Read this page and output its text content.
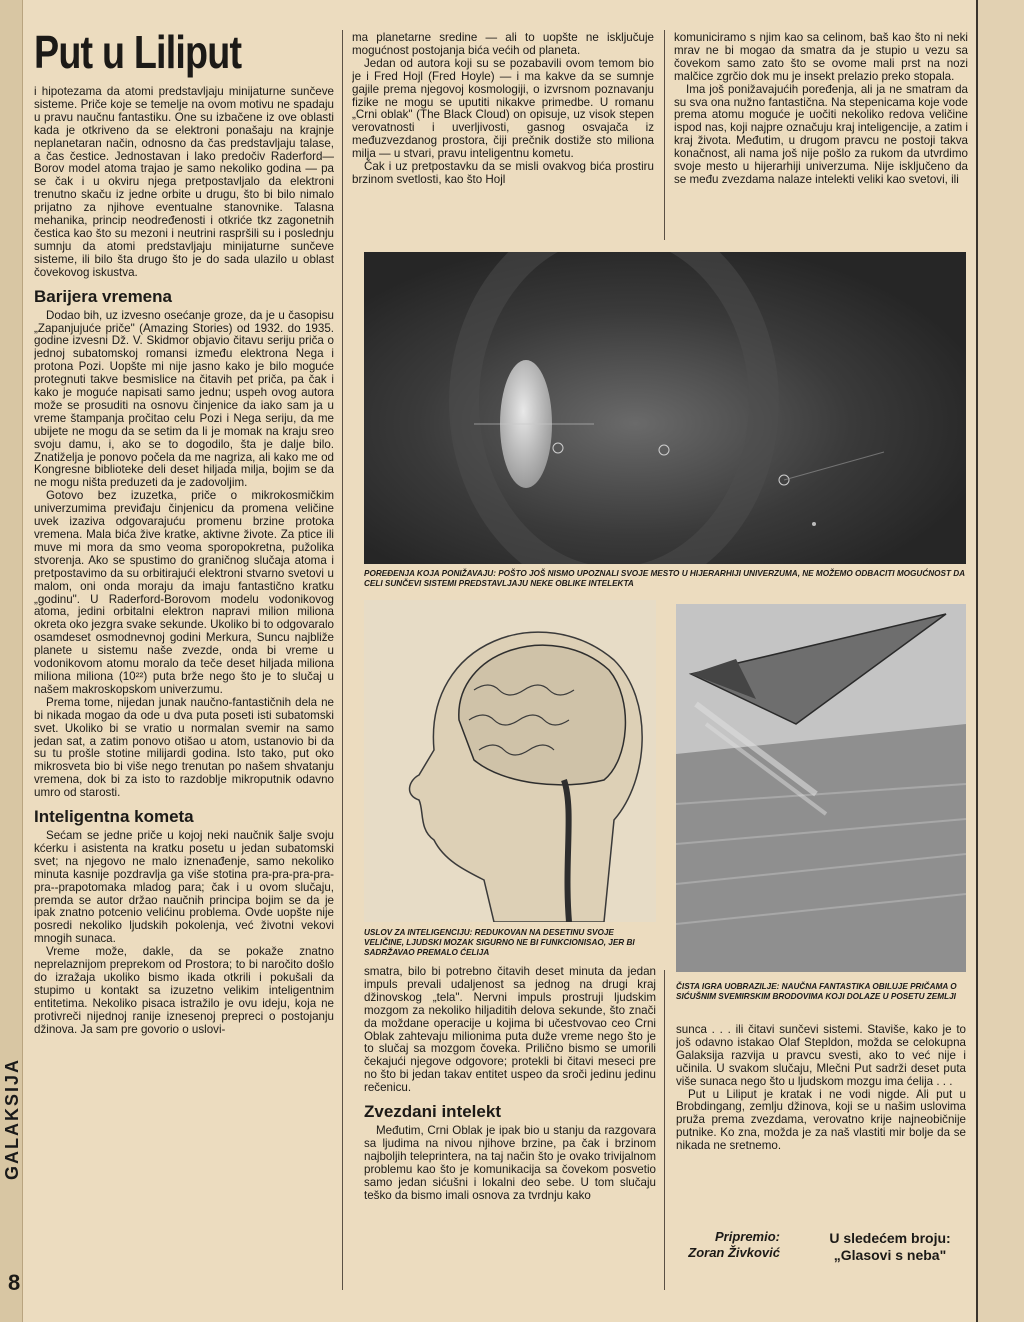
GALAKSIJA
8
Put u Liliput

i hipotezama da atomi predstavljaju minijaturne sunčeve sisteme. Priče koje se temelje na ovom motivu ne spadaju u pravu naučnu fantastiku. One su izbačene iz ove oblasti kada je otkriveno da se elektroni ponašaju na krajnje neplanetaran način, odnosno da čas predstavljaju talase, a čas čestice. Jednostavan i lako predočiv Raderford—Borov model atoma trajao je samo nekoliko godina — pa se čak i u okviru njega pretpostavljalo da elektroni trenutno skaču iz jedne orbite u drugu, što bi bilo nimalo prijatno za njihove eventualne stanovnike. Talasna mehanika, princip neodređenosti i otkriće tkz zagonetnih čestica kao što su mezoni i neutrini raspršili su i poslednju sumnju da atomi predstavljaju minijaturne sunčeve sisteme, ili bilo šta drugo što je do sada ulazilo u oblast čovekovog iskustva.

Barijera vremena

Dodao bih, uz izvesno osećanje groze, da je u časopisu „Zapanjujuće priče" (Amazing Stories) od 1932. do 1935. godine izvesni Dž. V. Skidmor objavio čitavu seriju priča o jednoj subatomskoj romansi između elektrona Nega i protona Pozi. Uopšte mi nije jasno kako je bilo moguće protegnuti takve besmislice na čitavih pet priča, pa čak i kako je moguće napisati samo jednu; uspeh ovog autora može se prosuditi na osnovu činjenice da iako sam ja u vreme štampanja pročitao celu Pozi i Nega seriju, da me ubijete ne mogu da se setim da li je momak na kraju sreo svoju damu, i, ako se to dogodilo, šta je dalje bilo. Znatiželja je ponovo počela da me nagriza, ali kako me od Kongresne biblioteke deli deset hiljada milja, bojim se da ne mogu ništa preduzeti da je zadovoljim.

Gotovo bez izuzetka, priče o mikrokosmičkim univerzumima previđaju činjenicu da promena veličine uvek izaziva odgovarajuću promenu brzine protoka vremena. Mala bića žive kratke, aktivne živote. Za ptice ili muve mi mora da smo veoma sporopokretna, pužolika stvorenja. Ako se spustimo do graničnog slučaja atoma i pretpostavimo da su orbitirajući elektroni stvarno svetovi u malom, oni onda moraju da imaju fantastično kratku „godinu". U Raderford-Borovom modelu vodonikovog atoma, jedini orbitalni elektron napravi milion miliona okreta oko jezgra svake sekunde. Ukoliko bi to odgovaralo osamdeset osmodnevnoj godini Merkura, Suncu najbliže planete u sistemu naše zvezde, onda bi vreme u vodonikovom atomu moralo da teče deset hiljada miliona miliona miliona (10²²) puta brže nego što je to slučaj u našem makroskopskom univerzumu.

Prema tome, nijedan junak naučno-fantastičnih dela ne bi nikada mogao da ode u dva puta poseti isti subatomski svet. Ukoliko bi se vratio u normalan svemir na samo jedan sat, a zatim ponovo otišao u atom, ustanovio bi da su tu prošle stotine milijardi godina. Isto tako, put oko mikrosveta bio bi više nego trenutan po našem shvatanju vremena, dok bi za isto to razdoblje mikroputnik odavno umro od starosti.

Inteligentna kometa

Sećam se jedne priče u kojoj neki naučnik šalje svoju kćerku i asistenta na kratku posetu u jedan subatomski svet; na njegovo ne malo iznenađenje, samo nekoliko minuta kasnije pozdravlja ga više stotina pra-pra-pra-pra-pra--prapotomaka mladog para; čak i u ovom slučaju, premda se autor držao naučnih principa bojim se da je ipak znatno potcenio velićinu problema. Ovde uopšte nije posredi nekoliko ljudskih pokolenja, već životni vekovi mnogih sunaca.

Vreme može, dakle, da se pokaže znatno neprelaznijom preprekom od Prostora; to bi naročito došlo do izražaja ukoliko bismo ikada otkrili i pokušali da stupimo u kontakt sa izuzetno velikim inteligentnim entitetima. Nekoliko pisaca istražilo je ovu ideju, koja ne protivreči nijednoj ranije iznesenoj prepreci o postojanju džinova. Ja sam pre govorio o uslovi-

ma planetarne sredine — ali to uopšte ne isključuje mogućnost postojanja bića većih od planeta.

Jedan od autora koji su se pozabavili ovom temom bio je i Fred Hojl (Fred Hoyle) — i ma kakve da se sumnje gajile prema njegovoj kosmologiji, o izvrsnom poznavanju fizike ne mogu se uputiti nikakve primedbe. U romanu „Crni oblak" (The Black Cloud) on opisuje, uz visok stepen verovatnosti i uverljivosti, gasnog osvajača iz međuzvezdanog prostora, čiji prečnik dostiže sto miliona milja — u stvari, pravu inteligentnu kometu.

Čak i uz pretpostavku da se misli ovakvog bića prostiru brzinom svetlosti, kao što Hojl

komuniciramo s njim kao sa celinom, baš kao što ni neki mrav ne bi mogao da smatra da je stupio u vezu sa čovekom samo zato što se ovome mali prst na nozi malčice zgrčio dok mu je insekt prelazio preko stopala.

Ima još ponižavajućih poređenja, ali ja ne smatram da su sva ona nužno fantastična. Na stepenicama koje vode prema atomu moguće je uočiti nekoliko redova veličine ispod nas, koji najpre označuju kraj inteligencije, a zatim i kraj života. Međutim, u drugom pravcu ne postoji takva konačnost, ali nama još nije pošlo za rukom da utvrdimo svoje mesto u hijerarhiji univerzuma. Nije isključeno da se među zvezdama nalaze intelekti veliki kao svetovi, ili

POREĐENJA KOJA PONIŽAVAJU: POŠTO JOŠ NISMO UPOZNALI SVOJE MESTO U HIJERARHIJI UNIVERZUMA, NE MOŽEMO ODBACITI MOGUĆNOST DA CELI SUNČEVI SISTEMI PREDSTAVLJAJU NEKE OBLIKE INTELEKTA
USLOV ZA INTELIGENCIJU: REDUKOVAN NA DESETINU SVOJE VELIČINE, LJUDSKI MOZAK SIGURNO NE BI FUNKCIONISAO, JER BI SADRŽAVAO PREMALO ĆELIJA
ČISTA IGRA UOBRAZILJE: NAUČNA FANTASTIKA OBILUJE PRIČAMA O SIĆUŠNIM SVEMIRSKIM BRODOVIMA KOJI DOLAZE U POSETU ZEMLJI

smatra, bilo bi potrebno čitavih deset minuta da jedan impuls prevali udaljenost sa jednog na drugi kraj džinovskog „tela". Nervni impuls prostruji ljudskim mozgom za nekoliko hiljaditih delova sekunde, što znači da moždane operacije u kojima bi učestvovao ceo Crni Oblak zahtevaju milionima puta duže vreme nego što je to slučaj sa mozgom čoveka. Prilično bismo se umorili čekajući njegove odgovore; protekli bi čitavi meseci pre no što bi jedan takav entitet uspeo da sroči jedinu jedinu rečenicu.

Zvezdani intelekt

Međutim, Crni Oblak je ipak bio u stanju da razgovara sa ljudima na nivou njihove brzine, pa čak i brzinom najboljih teleprintera, na taj način što je ovako trivijalnom problemu kao što je komunikacija sa čovekom posvetio samo jedan sićušni i lokalni deo sebe. U tom slučaju teško da bismo imali osnova za tvrdnju kako

sunca . . . ili čitavi sunčevi sistemi. Štaviše, kako je to još odavno istakao Olaf Stepldon, možda se celokupna Galaksija razvija u pravcu svesti, ako to već nije i učinila. U svakom slučaju, Mlečni Put sadrži deset puta više sunaca nego što u ljudskom mozgu ima ćelija . . .

Put u Liliput je kratak i ne vodi nigde. Ali put u Brobdingang, zemlju džinova, koji se u našim uslovima pruža prema zvezdama, verovatno krije najneobičnije putnike. Ko zna, možda je za naš vlastiti mir bolje da se nikada ne sretnemo.

Pripremio:
Zoran Živković
U sledećem broju:
„Glasovi s neba"
